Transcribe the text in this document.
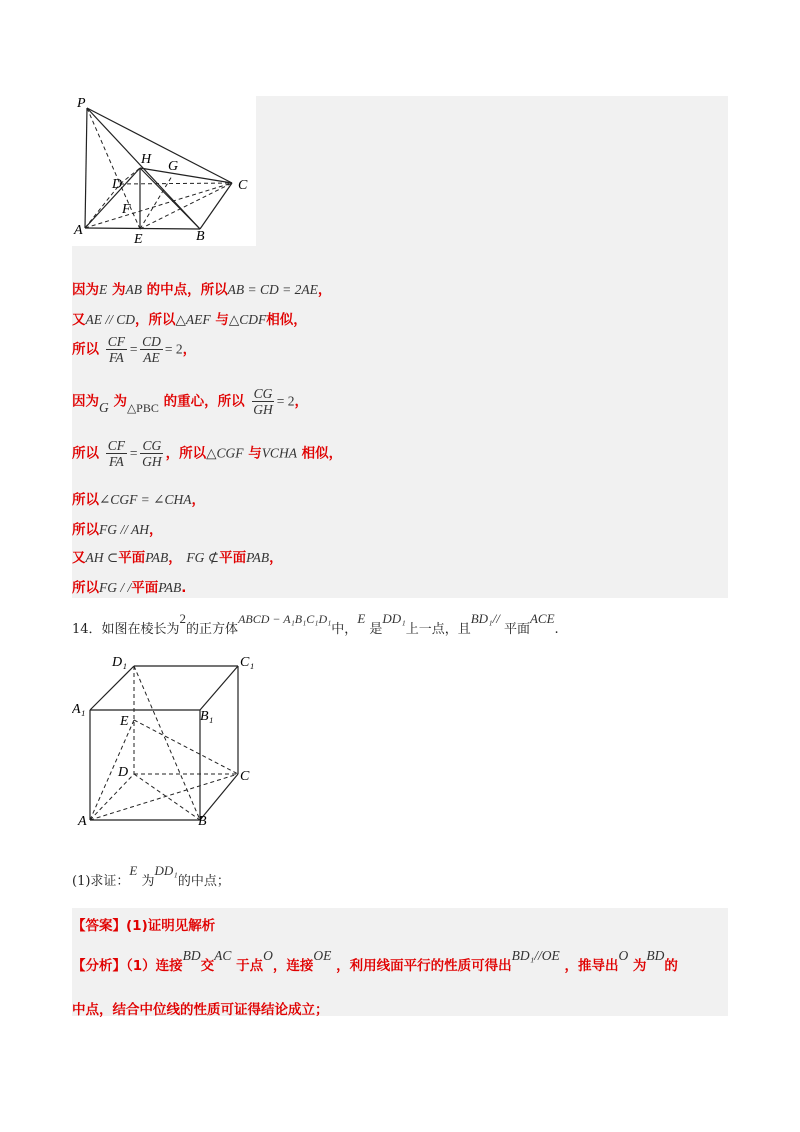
P
H G
D	C
F
A
E	B
因为E 为AB 的中点，所以AB = CD = 2AE，
又AE // CD，所以△AEF 与△CDF相似，
所以 $\frac{CF}{FA} = \frac{CD}{AE} = 2$，
因为G 为△PBC 的重心，所以 $\frac{CG}{GH} = 2$，
所以 $\frac{CF}{FA} = \frac{CG}{GH}$ ，所以△CGF 与VCHA 相似，
所以∠CGF = ∠CHA，
所以FG // AH，
又AH ⊂平面PAB， FG ⊄平面PAB，
所以FG / /平面PAB.
14．如图在棱长为2的正方体ABCD − A₁B₁C₁D₁中，E 是DD₁上一点，且BD₁// 平面ACE.
D₁	C₁
A₁	B₁
E
D	C
A	B
(1)求证：E 为DD₁的中点；
【答案】(1)证明见解析
【分析】（1）连接BD交AC 于点O，连接OE ，利用线面平行的性质可得出BD₁//OE ，推导出O 为BD的
中点，结合中位线的性质可证得结论成立；
